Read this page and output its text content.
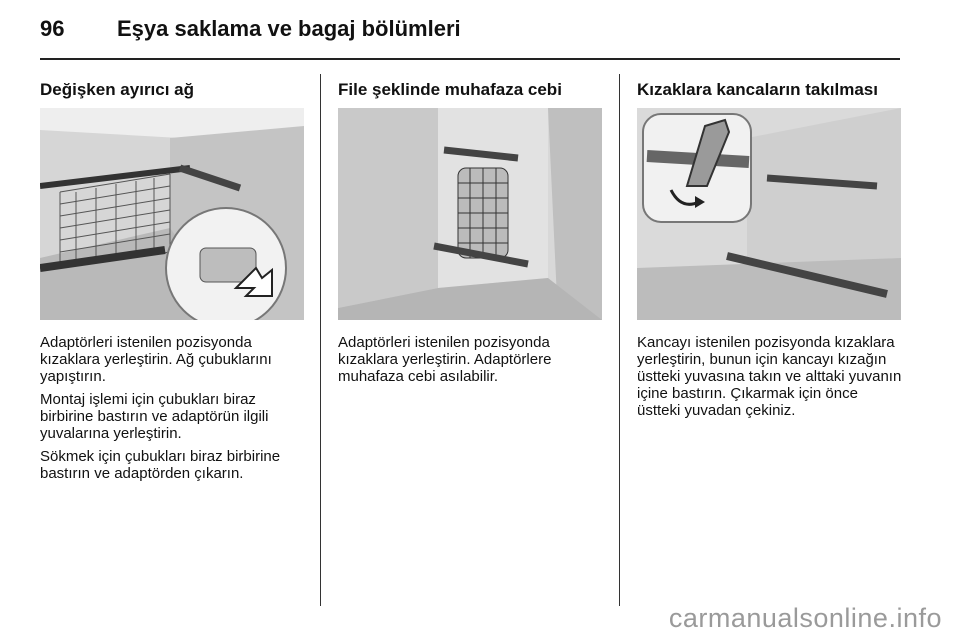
96 Eşya saklama ve bagaj bölümleri
Değişken ayırıcı ağ

Adaptörleri istenilen pozisyonda kızaklara yerleştirin. Ağ çubuklarını yapıştırın.

Montaj işlemi için çubukları biraz birbirine bastırın ve adaptörün ilgili yuvalarına yerleştirin.

Sökmek için çubukları biraz birbirine bastırın ve adaptörden çıkarın.

File şeklinde muhafaza cebi

Adaptörleri istenilen pozisyonda kızaklara yerleştirin. Adaptörlere muhafaza cebi asılabilir.

Kızaklara kancaların takılması

Kancayı istenilen pozisyonda kızaklara yerleştirin, bunun için kancayı kızağın üstteki yuvasına takın ve alttaki yuvanın içine bastırın. Çıkarmak için önce üstteki yuvadan çekiniz.

carmanualsonline.info
